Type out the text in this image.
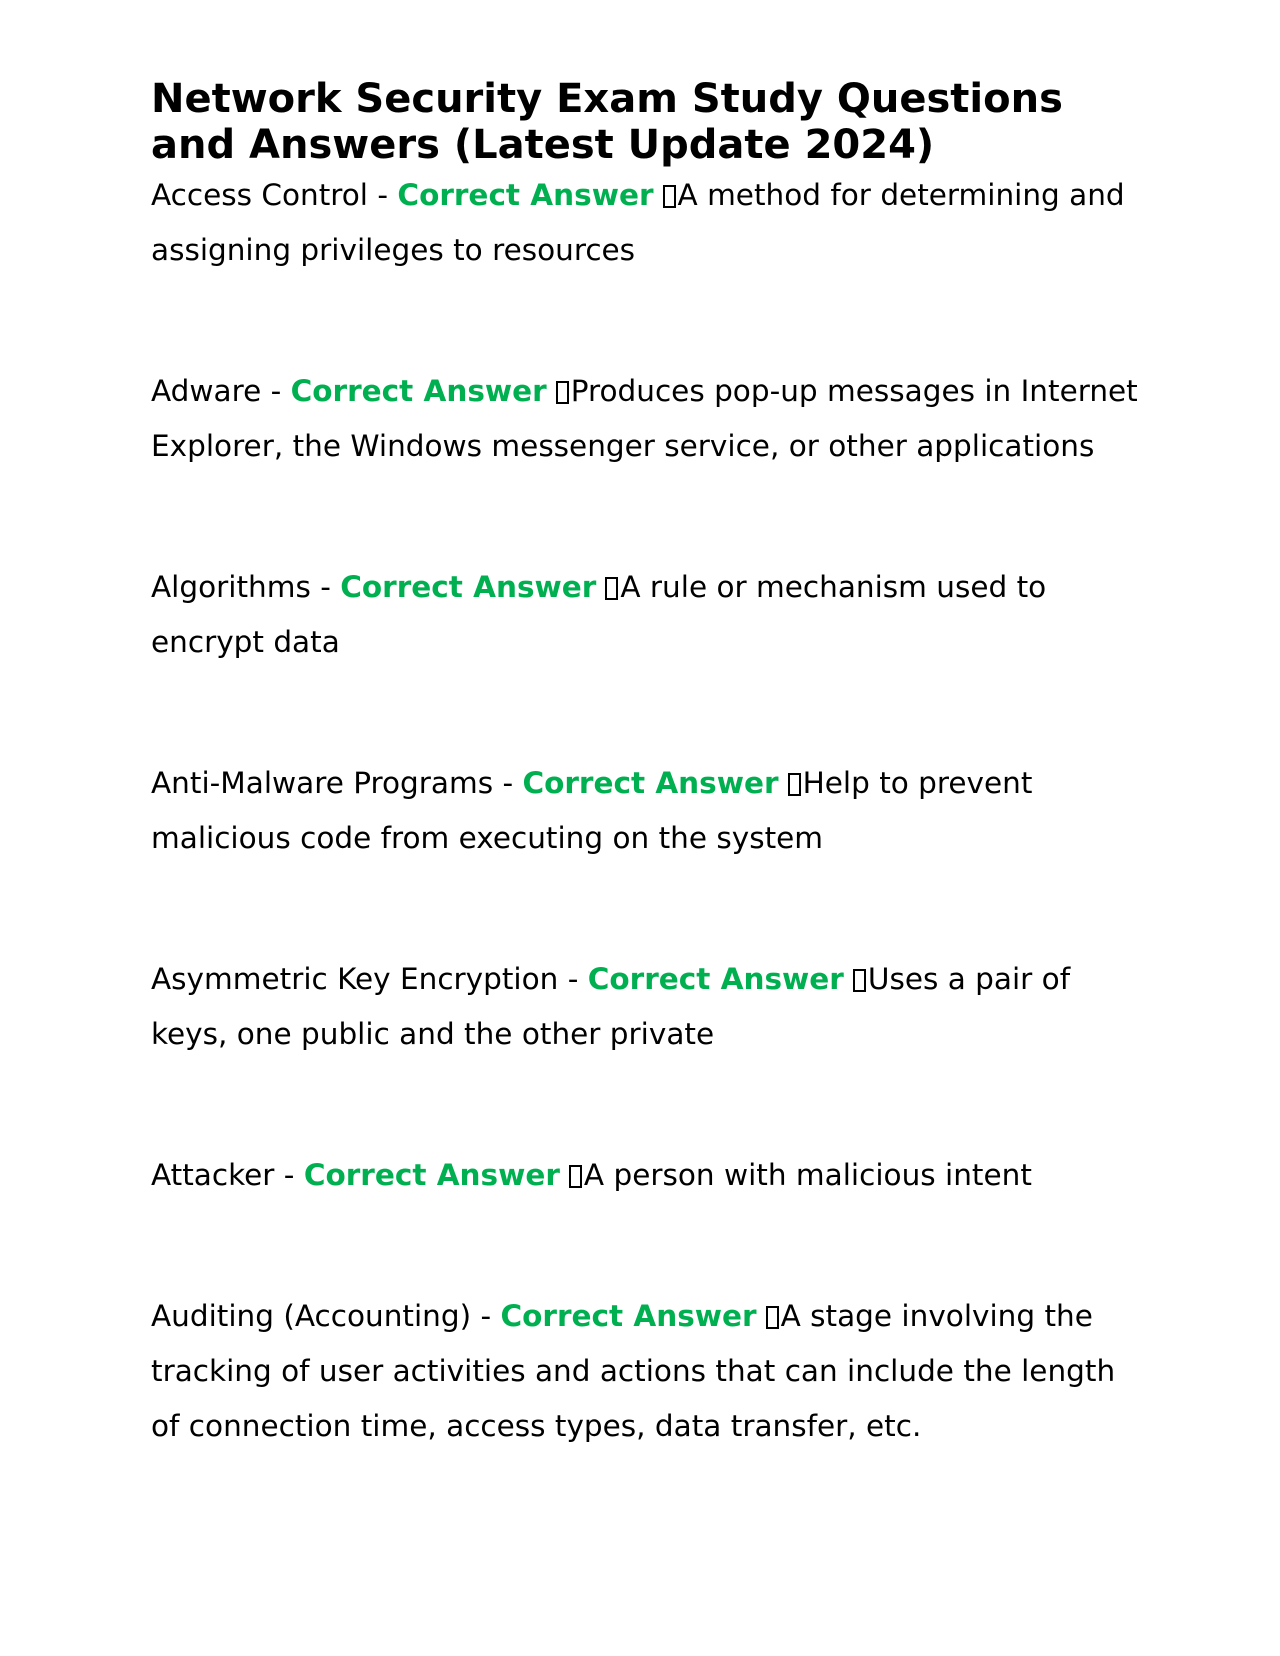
Network Security Exam Study Questions and Answers (Latest Update 2024)

Access Control - Correct Answer A method for determining and assigning privileges to resources

Adware - Correct Answer Produces pop-up messages in Internet Explorer, the Windows messenger service, or other applications

Algorithms - Correct Answer A rule or mechanism used to encrypt data

Anti-Malware Programs - Correct Answer Help to prevent malicious code from executing on the system

Asymmetric Key Encryption - Correct Answer Uses a pair of keys, one public and the other private

Attacker - Correct Answer A person with malicious intent

Auditing (Accounting) - Correct Answer A stage involving the tracking of user activities and actions that can include the length of connection time, access types, data transfer, etc.
